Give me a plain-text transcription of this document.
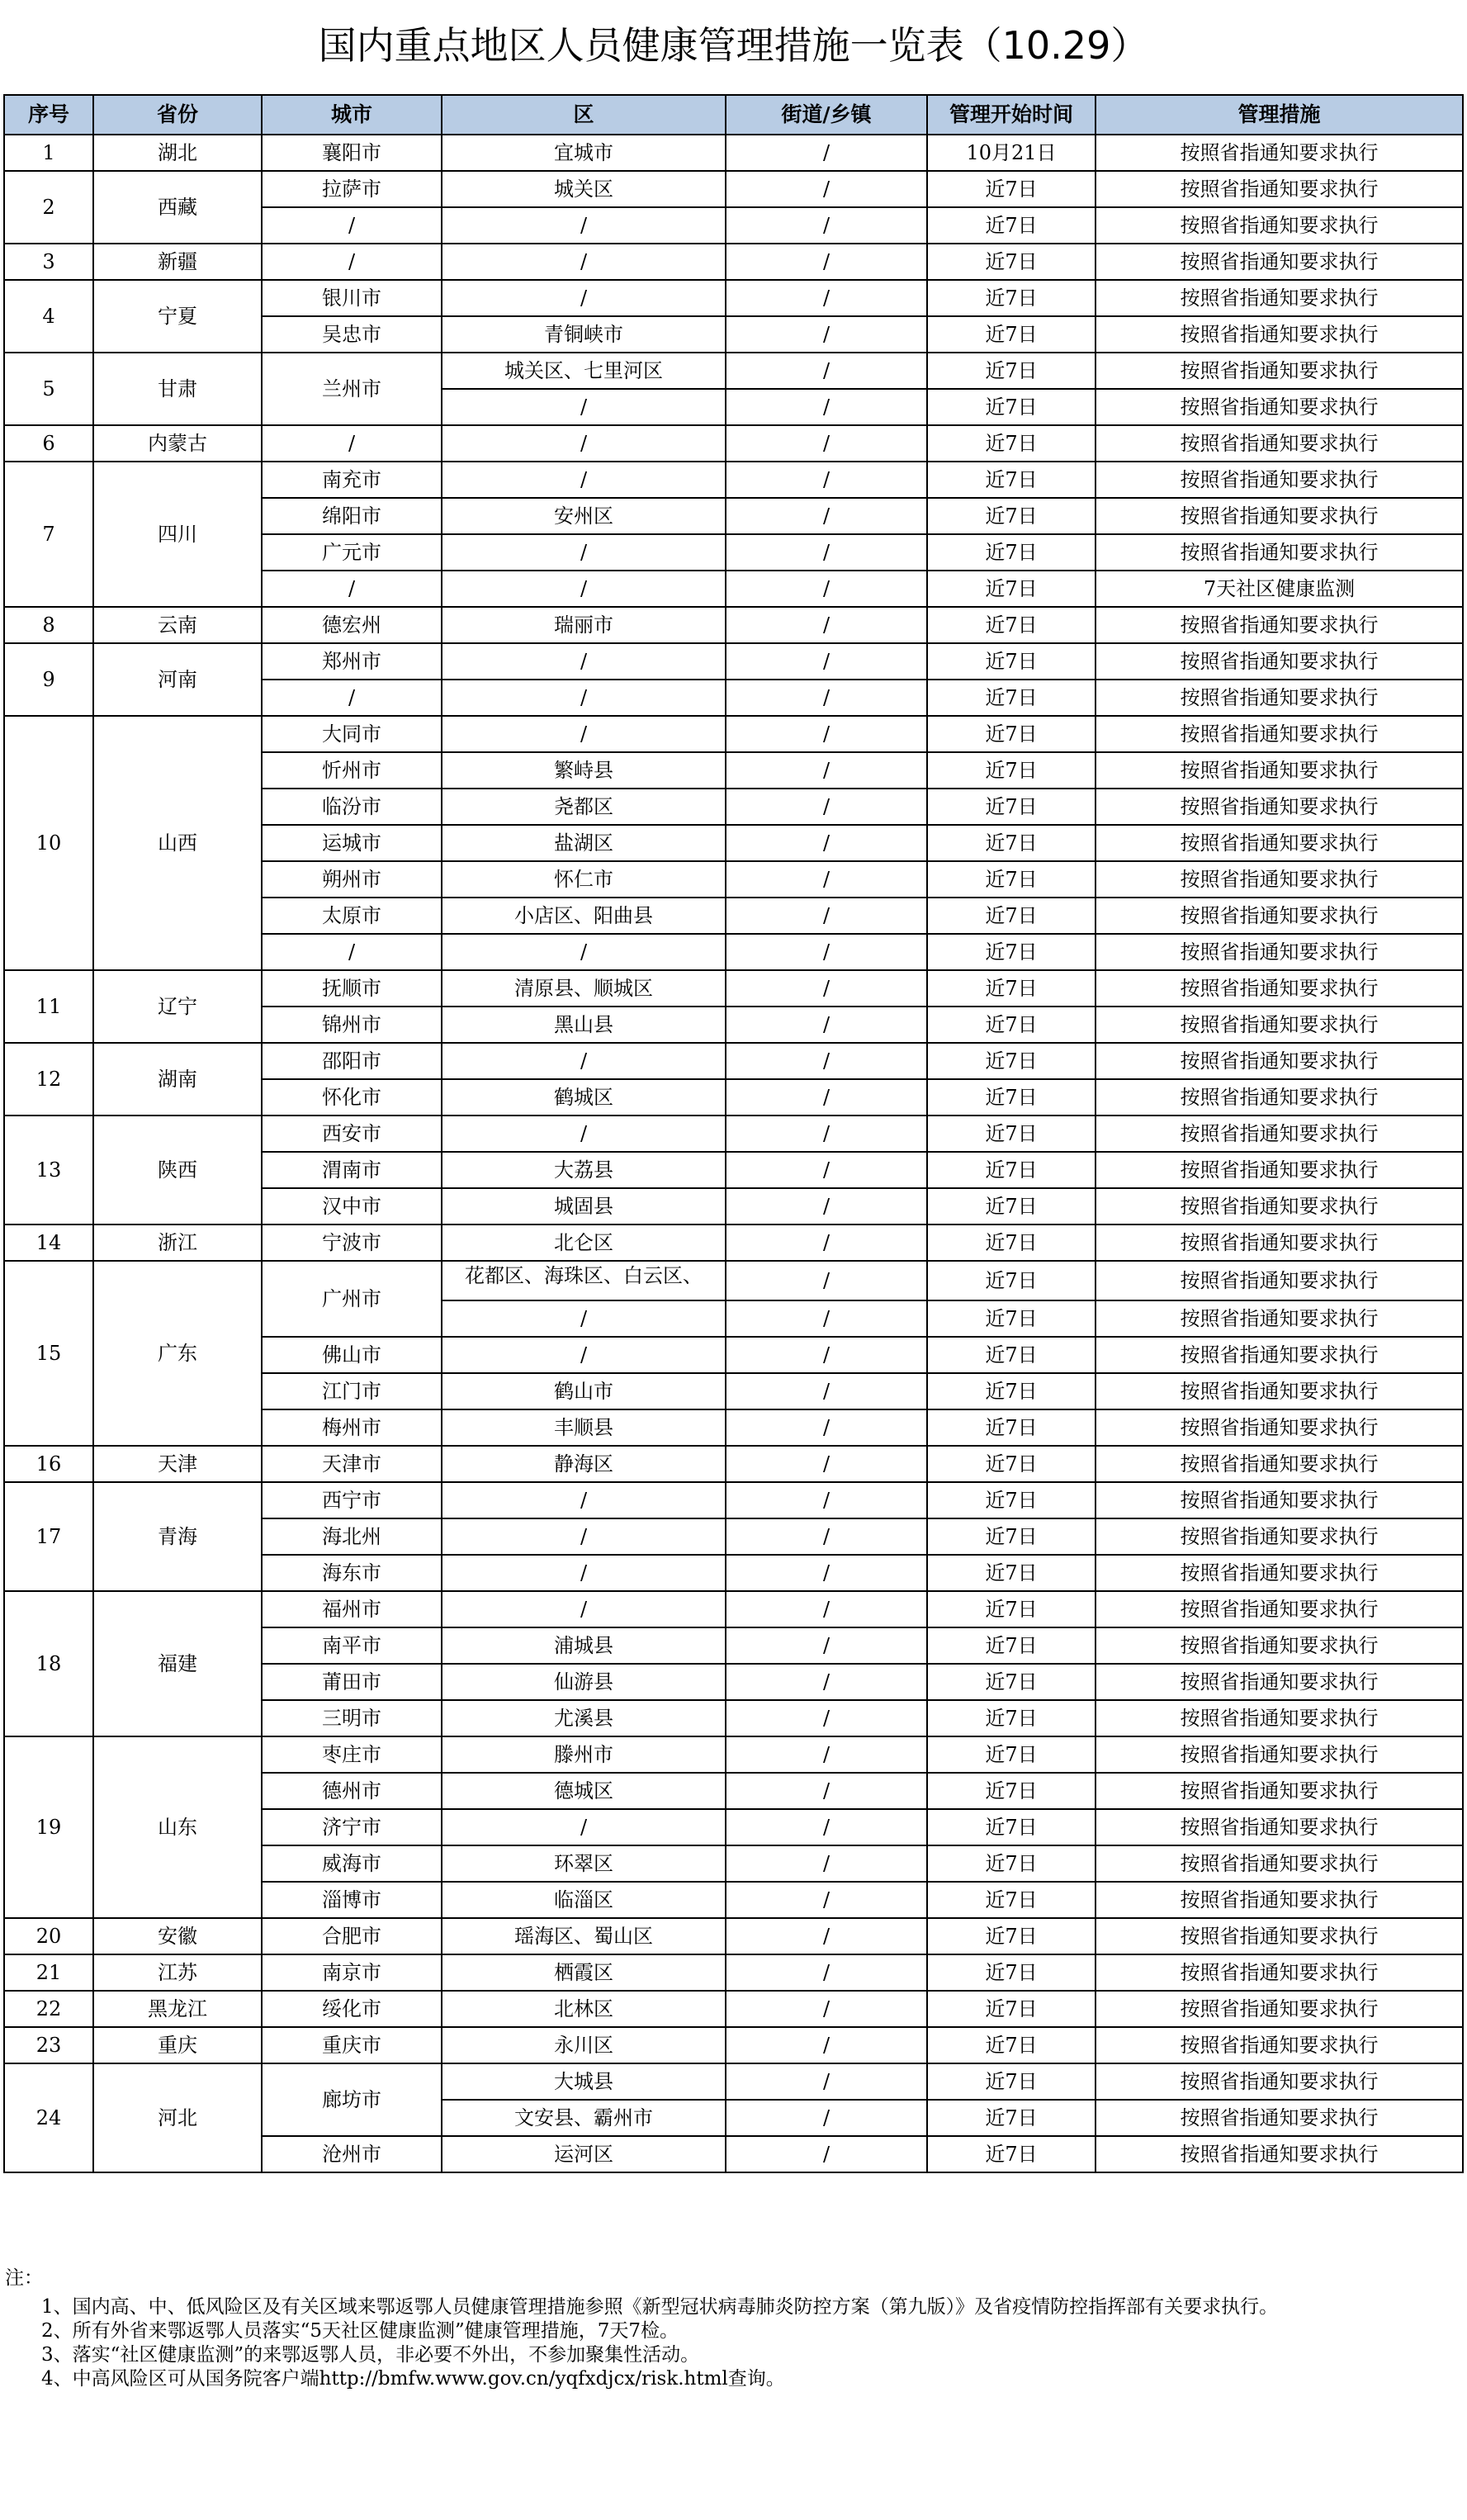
国内重点地区人员健康管理措施一览表（10.29）
序号	省份	城市	区	街道/乡镇	管理开始时间	管理措施
1	湖北	襄阳市	宜城市	/	10月21日	按照省指通知要求执行
2	西藏	拉萨市	城关区	/	近7日	按照省指通知要求执行
		/	/	/	近7日	按照省指通知要求执行
3	新疆	/	/	/	近7日	按照省指通知要求执行
4	宁夏	银川市	/	/	近7日	按照省指通知要求执行
		吴忠市	青铜峡市	/	近7日	按照省指通知要求执行
5	甘肃	兰州市	城关区、七里河区	/	近7日	按照省指通知要求执行
			/	/	近7日	按照省指通知要求执行
6	内蒙古	/	/	/	近7日	按照省指通知要求执行
7	四川	南充市	/	/	近7日	按照省指通知要求执行
		绵阳市	安州区	/	近7日	按照省指通知要求执行
		广元市	/	/	近7日	按照省指通知要求执行
		/	/	/	近7日	7天社区健康监测
8	云南	德宏州	瑞丽市	/	近7日	按照省指通知要求执行
9	河南	郑州市	/	/	近7日	按照省指通知要求执行
		/	/	/	近7日	按照省指通知要求执行
10	山西	大同市	/	/	近7日	按照省指通知要求执行
		忻州市	繁峙县	/	近7日	按照省指通知要求执行
		临汾市	尧都区	/	近7日	按照省指通知要求执行
		运城市	盐湖区	/	近7日	按照省指通知要求执行
		朔州市	怀仁市	/	近7日	按照省指通知要求执行
		太原市	小店区、阳曲县	/	近7日	按照省指通知要求执行
		/	/	/	近7日	按照省指通知要求执行
11	辽宁	抚顺市	清原县、顺城区	/	近7日	按照省指通知要求执行
		锦州市	黑山县	/	近7日	按照省指通知要求执行
12	湖南	邵阳市	/	/	近7日	按照省指通知要求执行
		怀化市	鹤城区	/	近7日	按照省指通知要求执行
13	陕西	西安市	/	/	近7日	按照省指通知要求执行
		渭南市	大荔县	/	近7日	按照省指通知要求执行
		汉中市	城固县	/	近7日	按照省指通知要求执行
14	浙江	宁波市	北仑区	/	近7日	按照省指通知要求执行
15	广东	广州市	花都区、海珠区、白云区、	/	近7日	按照省指通知要求执行
			/	/	近7日	按照省指通知要求执行
		佛山市	/	/	近7日	按照省指通知要求执行
		江门市	鹤山市	/	近7日	按照省指通知要求执行
		梅州市	丰顺县	/	近7日	按照省指通知要求执行
16	天津	天津市	静海区	/	近7日	按照省指通知要求执行
17	青海	西宁市	/	/	近7日	按照省指通知要求执行
		海北州	/	/	近7日	按照省指通知要求执行
		海东市	/	/	近7日	按照省指通知要求执行
18	福建	福州市	/	/	近7日	按照省指通知要求执行
		南平市	浦城县	/	近7日	按照省指通知要求执行
		莆田市	仙游县	/	近7日	按照省指通知要求执行
		三明市	尤溪县	/	近7日	按照省指通知要求执行
19	山东	枣庄市	滕州市	/	近7日	按照省指通知要求执行
		德州市	德城区	/	近7日	按照省指通知要求执行
		济宁市	/	/	近7日	按照省指通知要求执行
		威海市	环翠区	/	近7日	按照省指通知要求执行
		淄博市	临淄区	/	近7日	按照省指通知要求执行
20	安徽	合肥市	瑶海区、蜀山区	/	近7日	按照省指通知要求执行
21	江苏	南京市	栖霞区	/	近7日	按照省指通知要求执行
22	黑龙江	绥化市	北林区	/	近7日	按照省指通知要求执行
23	重庆	重庆市	永川区	/	近7日	按照省指通知要求执行
24	河北	廊坊市	大城县	/	近7日	按照省指通知要求执行
			文安县、霸州市	/	近7日	按照省指通知要求执行
		沧州市	运河区	/	近7日	按照省指通知要求执行
注：
1、国内高、中、低风险区及有关区域来鄂返鄂人员健康管理措施参照《新型冠状病毒肺炎防控方案（第九版）》及省疫情防控指挥部有关要求执行。
2、所有外省来鄂返鄂人员落实“5天社区健康监测”健康管理措施，7天7检。
3、落实“社区健康监测”的来鄂返鄂人员，非必要不外出，不参加聚集性活动。
4、中高风险区可从国务院客户端http://bmfw.www.gov.cn/yqfxdjcx/risk.html查询。
